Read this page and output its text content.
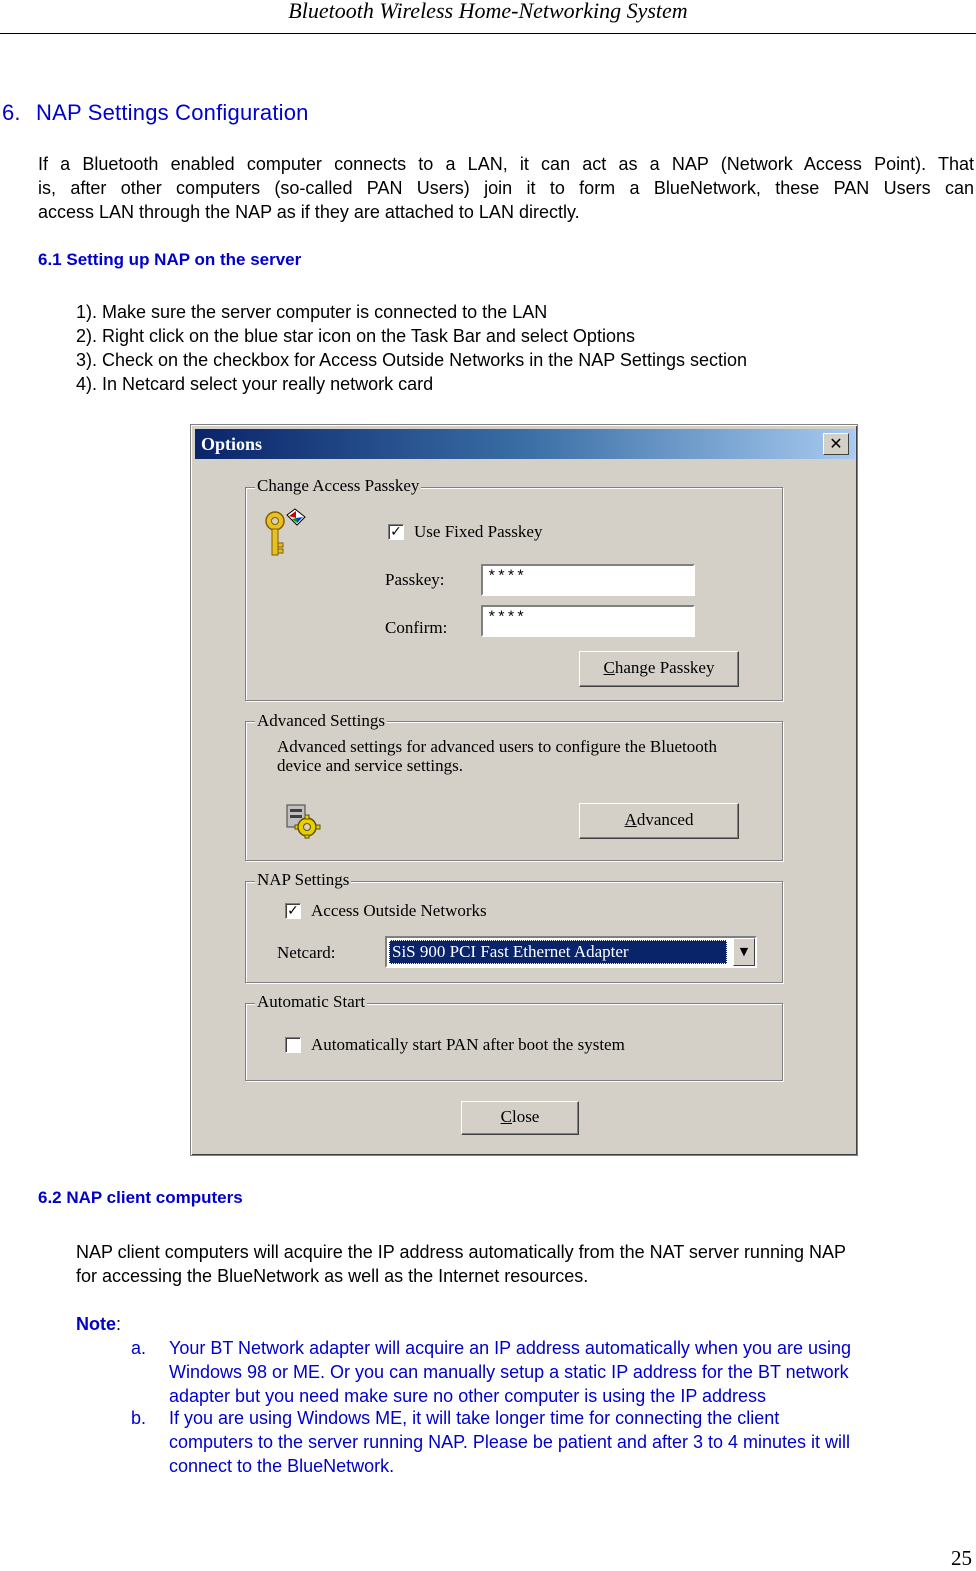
Bluetooth Wireless Home-Networking System
6. NAP Settings Configuration
If a Bluetooth enabled computer connects to a LAN, it can act as a NAP (Network Access Point). That
is, after other computers (so-called PAN Users) join it to form a BlueNetwork, these PAN Users can
access LAN through the NAP as if they are attached to LAN directly.
6.1 Setting up NAP on the server
1). Make sure the server computer is connected to the LAN
2). Right click on the blue star icon on the Task Bar and select Options
3). Check on the checkbox for Access Outside Networks in the NAP Settings section
4). In Netcard select your really network card
Options	✕
Change Access Passkey
✓ Use Fixed Passkey
Passkey:	****
Confirm:	****
Change Passkey
Advanced Settings
Advanced settings for advanced users to configure the Bluetooth
device and service settings.
Advanced
NAP Settings
✓ Access Outside Networks
Netcard:	SiS 900 PCI Fast Ethernet Adapter	▼
Automatic Start
Automatically start PAN after boot the system
Close
6.2 NAP client computers
NAP client computers will acquire the IP address automatically from the NAT server running NAP
for accessing the BlueNetwork as well as the Internet resources.
Note:
a. Your BT Network adapter will acquire an IP address automatically when you are using
Windows 98 or ME. Or you can manually setup a static IP address for the BT network
adapter but you need make sure no other computer is using the IP address
b. If you are using Windows ME, it will take longer time for connecting the client
computers to the server running NAP. Please be patient and after 3 to 4 minutes it will
connect to the BlueNetwork.
25
